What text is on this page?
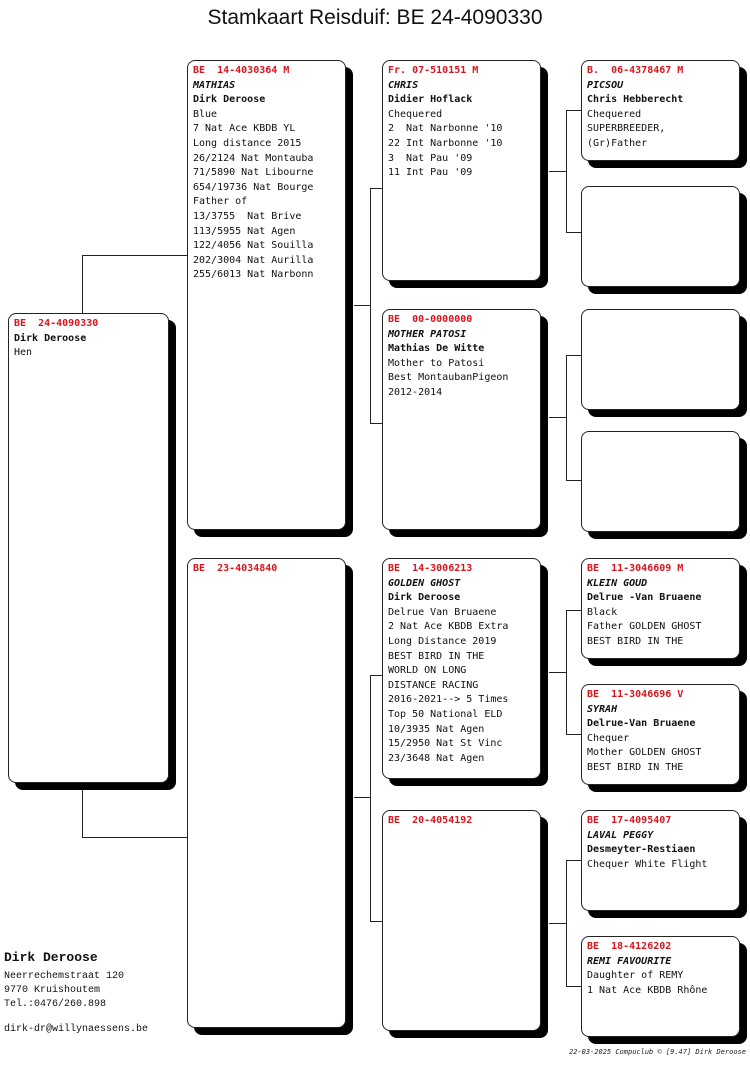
Stamkaart Reisduif: BE 24-4090330
BE  24-4090330
Dirk Deroose
Hen
BE  14-4030364 M
MATHIAS
Dirk Deroose
Blue
7 Nat Ace KBDB YL
Long distance 2015
26/2124 Nat Montauba
71/5890 Nat Libourne
654/19736 Nat Bourge
Father of
13/3755  Nat Brive
113/5955 Nat Agen
122/4056 Nat Souilla
202/3004 Nat Aurilla
255/6013 Nat Narbonn
BE  23-4034840
Fr. 07-510151 M
CHRIS
Didier Hoflack
Chequered
2  Nat Narbonne '10
22 Int Narbonne '10
3  Nat Pau '09
11 Int Pau '09
BE  00-0000000
MOTHER PATOSI
Mathias De Witte
Mother to Patosi
Best MontaubanPigeon
2012-2014
BE  14-3006213
GOLDEN GHOST
Dirk Deroose
Delrue Van Bruaene
2 Nat Ace KBDB Extra
Long Distance 2019
BEST BIRD IN THE
WORLD ON LONG
DISTANCE RACING
2016-2021--> 5 Times
Top 50 National ELD
10/3935 Nat Agen
15/2950 Nat St Vinc
23/3648 Nat Agen
BE  20-4054192
B.  06-4378467 M
PICSOU
Chris Hebberecht
Chequered
SUPERBREEDER,
(Gr)Father
BE  11-3046609 M
KLEIN GOUD
Delrue -Van Bruaene
Black
Father GOLDEN GHOST
BEST BIRD IN THE
BE  11-3046696 V
SYRAH
Delrue-Van Bruaene
Chequer
Mother GOLDEN GHOST
BEST BIRD IN THE
BE  17-4095407
LAVAL PEGGY
Desmeyter-Restiaen
Chequer White Flight
BE  18-4126202
REMI FAVOURITE
Daughter of REMY
1 Nat Ace KBDB Rhône
Dirk Deroose
Neerrechemstraat 120
9770 Kruishoutem
Tel.:0476/260.898
dirk-dr@willynaessens.be
22-03-2025 Compuclub © [9.47] Dirk Deroose
